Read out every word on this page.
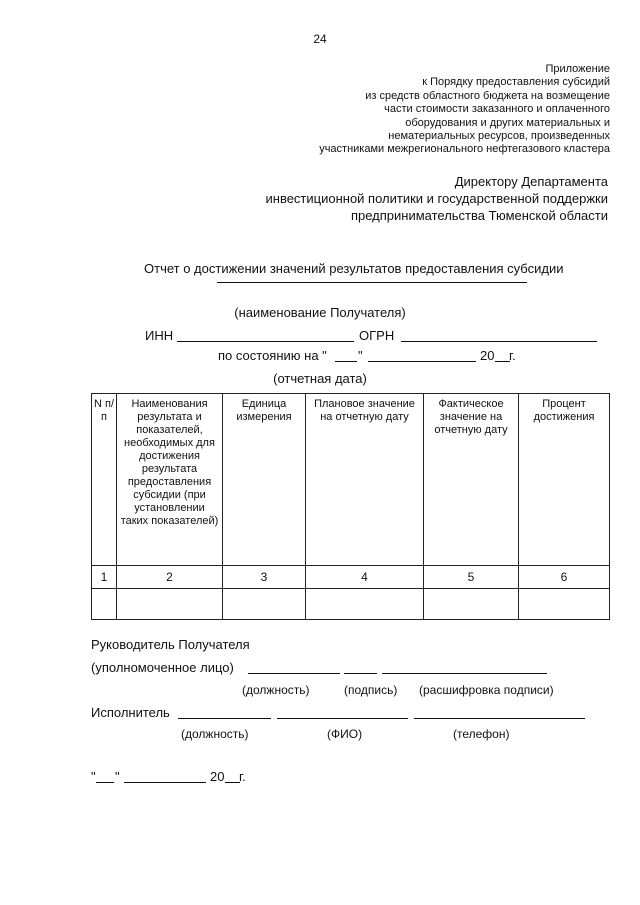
24
Приложение
к Порядку предоставления субсидий
из средств областного бюджета на возмещение
части стоимости заказанного и оплаченного
оборудования и других материальных и
нематериальных ресурсов, произведенных
участниками межрегионального нефтегазового кластера
Директору Департамента
инвестиционной политики и государственной поддержки
предпринимательства Тюменской области
Отчет о достижении значений результатов предоставления субсидии
(наименование Получателя)
ИНН	ОГРН
по состоянию на " "	20 г.
(отчетная дата)
N п/п	Наименования результата и показателей, необходимых для достижения результата предоставления субсидии (при установлении таких показателей)	Единица измерения	Плановое значение на отчетную дату	Фактическое значение на отчетную дату	Процент достижения
1	2	3	4	5	6

Руководитель Получателя
(уполномоченное лицо)
(должность)	(подпись) (расшифровка подписи)
Исполнитель
(должность)	(ФИО)	(телефон)
" "	20 г.
